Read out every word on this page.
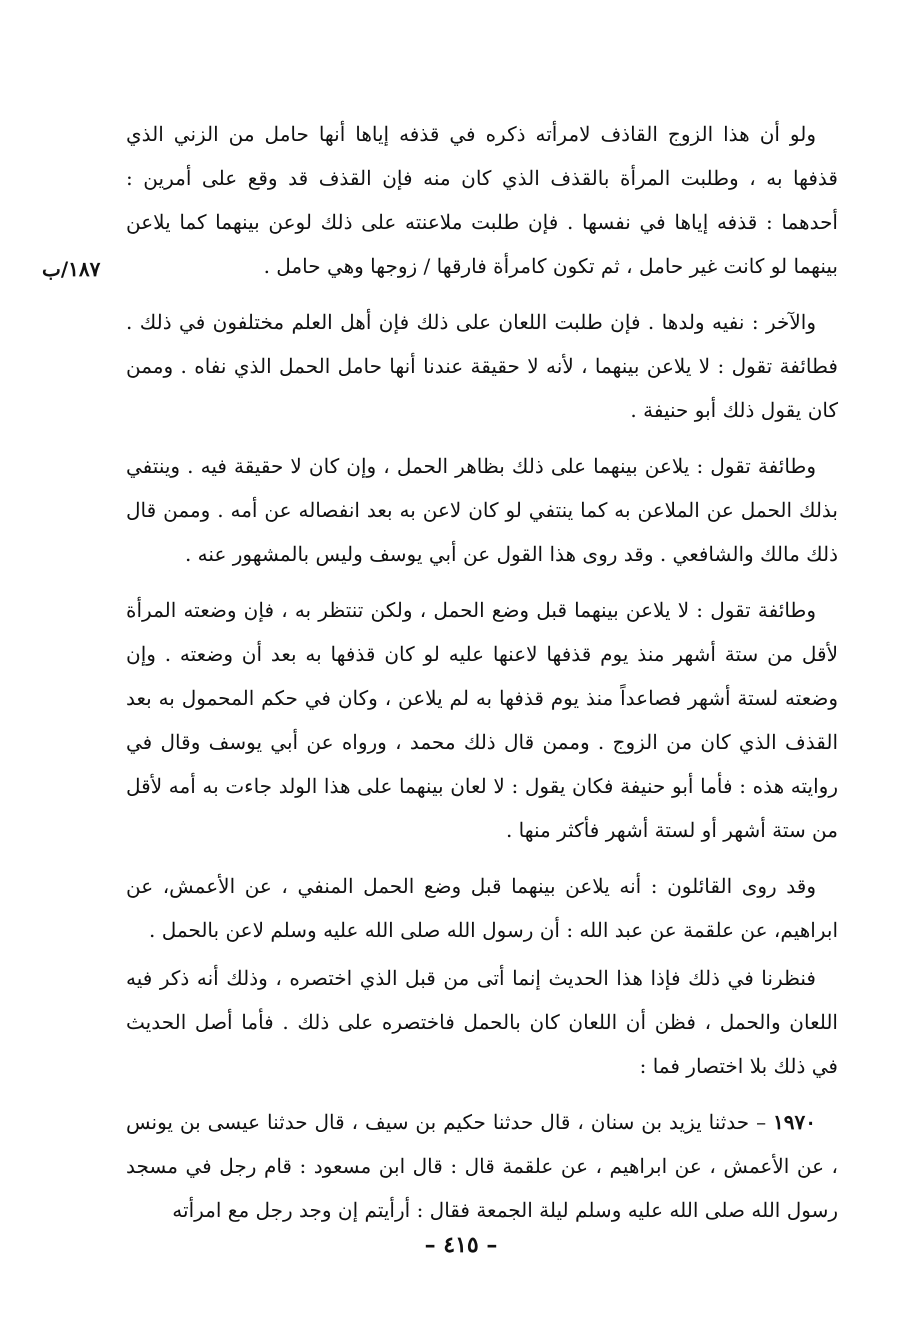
١٨٧/ب

ولو أن هذا الزوج القاذف لامرأته ذكره في قذفه إياها أنها حامل من الزني الذي قذفها به ، وطلبت المرأة بالقذف الذي كان منه فإن القذف قد وقع على أمرين : أحدهما : قذفه إياها في نفسها . فإن طلبت ملاعنته على ذلك لوعن بينهما كما يلاعن بينهما لو كانت غير حامل ، ثم تكون كامرأة فارقها / زوجها وهي حامل .

والآخر : نفيه ولدها . فإن طلبت اللعان على ذلك فإن أهل العلم مختلفون في ذلك . فطائفة تقول : لا يلاعن بينهما ، لأنه لا حقيقة عندنا أنها حامل الحمل الذي نفاه . وممن كان يقول ذلك أبو حنيفة .

وطائفة تقول : يلاعن بينهما على ذلك بظاهر الحمل ، وإن كان لا حقيقة فيه . وينتفي بذلك الحمل عن الملاعن به كما ينتفي لو كان لاعن به بعد انفصاله عن أمه . وممن قال ذلك مالك والشافعي . وقد روى هذا القول عن أبي يوسف وليس بالمشهور عنه .

وطائفة تقول : لا يلاعن بينهما قبل وضع الحمل ، ولكن تنتظر به ، فإن وضعته المرأة لأقل من ستة أشهر منذ يوم قذفها لاعنها عليه لو كان قذفها به بعد أن وضعته . وإن وضعته لستة أشهر فصاعداً منذ يوم قذفها به لم يلاعن ، وكان في حكم المحمول به بعد القذف الذي كان من الزوج . وممن قال ذلك محمد ، ورواه عن أبي يوسف وقال في روايته هذه : فأما أبو حنيفة فكان يقول : لا لعان بينهما على هذا الولد جاءت به أمه لأقل من ستة أشهر أو لستة أشهر فأكثر منها .

وقد روى القائلون : أنه يلاعن بينهما قبل وضع الحمل المنفي ، عن الأعمش، عن ابراهيم، عن علقمة عن عبد الله : أن رسول الله صلى الله عليه وسلم لاعن بالحمل .

فنظرنا في ذلك فإذا هذا الحديث إنما أتى من قبل الذي اختصره ، وذلك أنه ذكر فيه اللعان والحمل ، فظن أن اللعان كان بالحمل فاختصره على ذلك . فأما أصل الحديث في ذلك بلا اختصار فما :

١٩٧٠ – حدثنا يزيد بن سنان ، قال حدثنا حكيم بن سيف ، قال حدثنا عيسى بن يونس ، عن الأعمش ، عن ابراهيم ، عن علقمة قال : قال ابن مسعود : قام رجل في مسجد رسول الله صلى الله عليه وسلم ليلة الجمعة فقال : أرأيتم إن وجد رجل مع امرأته

– ٤١٥ –
